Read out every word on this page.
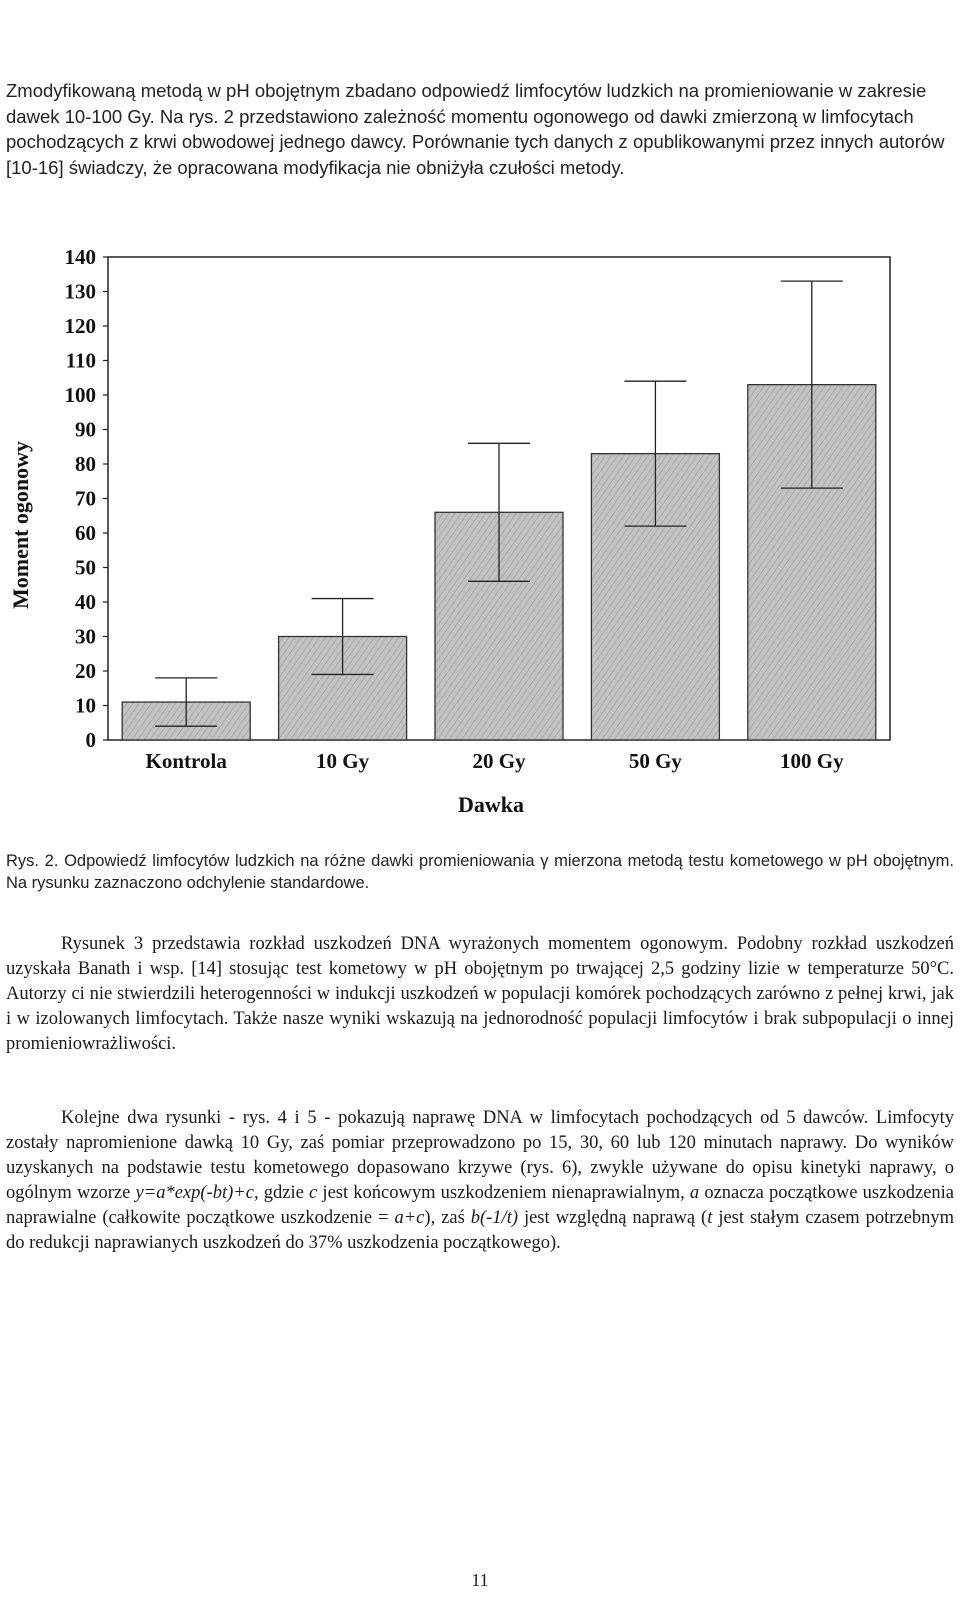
Zmodyfikowaną metodą w pH obojętnym zbadano odpowiedź limfocytów ludzkich na promieniowanie w zakresie dawek 10-100 Gy. Na rys. 2 przedstawiono zależność momentu ogonowego od dawki zmierzoną w limfocytach pochodzących z krwi obwodowej jednego dawcy. Porównanie tych danych z opublikowanymi przez innych autorów [10-16] świadczy, że opracowana modyfikacja nie obniżyła czułości metody.

Moment ogonowy
0
10
20
30
40
50
60
70
80
90
100
110
120
130
140
Kontrola	10 Gy	20 Gy	50 Gy	100 Gy
Dawka

Rys. 2. Odpowiedź limfocytów ludzkich na różne dawki promieniowania γ mierzona metodą testu kometowego w pH obojętnym. Na rysunku zaznaczono odchylenie standardowe.

Rysunek 3 przedstawia rozkład uszkodzeń DNA wyrażonych momentem ogonowym. Podobny rozkład uszkodzeń uzyskała Banath i wsp. [14] stosując test kometowy w pH obojętnym po trwającej 2,5 godziny lizie w temperaturze 50°C. Autorzy ci nie stwierdzili heterogenności w indukcji uszkodzeń w populacji komórek pochodzących zarówno z pełnej krwi, jak i w izolowanych limfocytach. Także nasze wyniki wskazują na jednorodność populacji limfocytów i brak subpopulacji o innej promieniowrażliwości.

Kolejne dwa rysunki - rys. 4 i 5 - pokazują naprawę DNA w limfocytach pochodzących od 5 dawców. Limfocyty zostały napromienione dawką 10 Gy, zaś pomiar przeprowadzono po 15, 30, 60 lub 120 minutach naprawy. Do wyników uzyskanych na podstawie testu kometowego dopasowano krzywe (rys. 6), zwykle używane do opisu kinetyki naprawy, o ogólnym wzorze y=a*exp(-bt)+c, gdzie c jest końcowym uszkodzeniem nienaprawialnym, a oznacza początkowe uszkodzenia naprawialne (całkowite początkowe uszkodzenie = a+c), zaś b(-1/t) jest względną naprawą (t jest stałym czasem potrzebnym do redukcji naprawianych uszkodzeń do 37% uszkodzenia początkowego).

11
